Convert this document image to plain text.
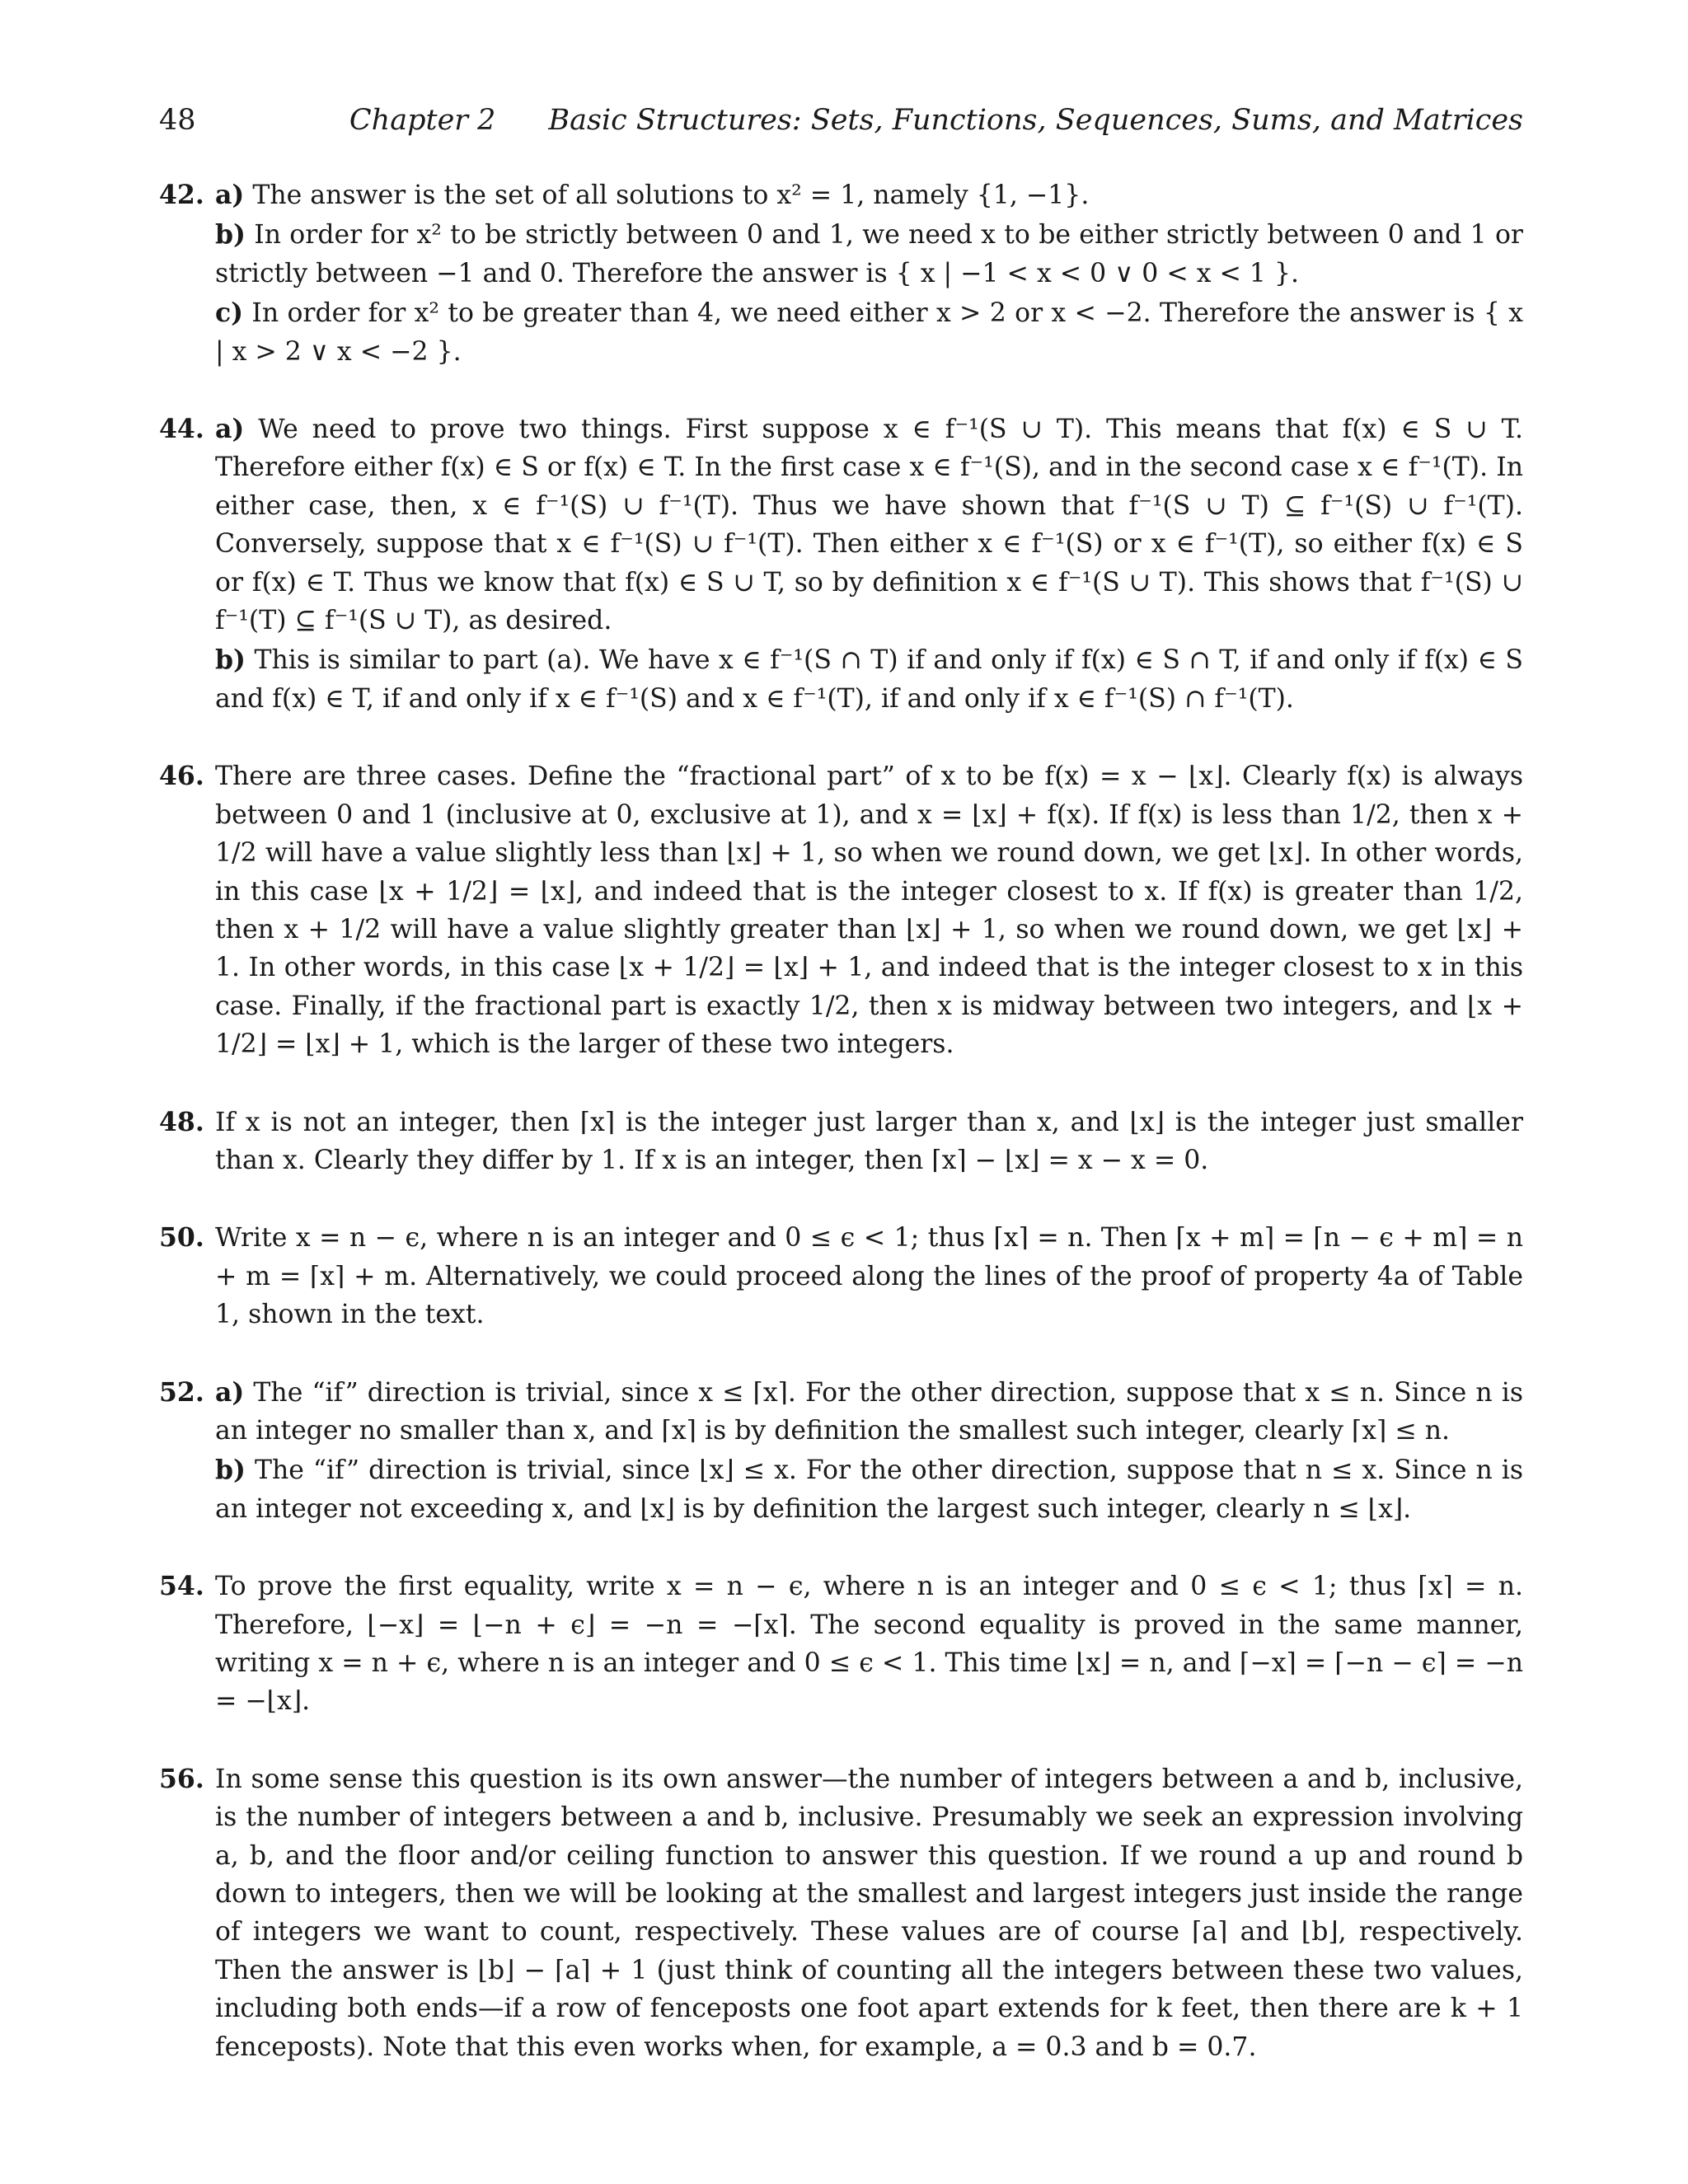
48	Chapter 2 Basic Structures: Sets, Functions, Sequences, Sums, and Matrices
42. a) The answer is the set of all solutions to x² = 1, namely {1, −1}.
b) In order for x² to be strictly between 0 and 1, we need x to be either strictly between 0 and 1 or strictly between −1 and 0. Therefore the answer is { x | −1 < x < 0 ∨ 0 < x < 1 }.
c) In order for x² to be greater than 4, we need either x > 2 or x < −2. Therefore the answer is { x | x > 2 ∨ x < −2 }.
44. a) We need to prove two things. First suppose x ∈ f⁻¹(S ∪ T). This means that f(x) ∈ S ∪ T. Therefore either f(x) ∈ S or f(x) ∈ T. In the first case x ∈ f⁻¹(S), and in the second case x ∈ f⁻¹(T). In either case, then, x ∈ f⁻¹(S) ∪ f⁻¹(T). Thus we have shown that f⁻¹(S ∪ T) ⊆ f⁻¹(S) ∪ f⁻¹(T). Conversely, suppose that x ∈ f⁻¹(S) ∪ f⁻¹(T). Then either x ∈ f⁻¹(S) or x ∈ f⁻¹(T), so either f(x) ∈ S or f(x) ∈ T. Thus we know that f(x) ∈ S ∪ T, so by definition x ∈ f⁻¹(S ∪ T). This shows that f⁻¹(S) ∪ f⁻¹(T) ⊆ f⁻¹(S ∪ T), as desired.
b) This is similar to part (a). We have x ∈ f⁻¹(S ∩ T) if and only if f(x) ∈ S ∩ T, if and only if f(x) ∈ S and f(x) ∈ T, if and only if x ∈ f⁻¹(S) and x ∈ f⁻¹(T), if and only if x ∈ f⁻¹(S) ∩ f⁻¹(T).
46. There are three cases. Define the “fractional part” of x to be f(x) = x − ⌊x⌋. Clearly f(x) is always between 0 and 1 (inclusive at 0, exclusive at 1), and x = ⌊x⌋ + f(x). If f(x) is less than 1/2, then x + 1/2 will have a value slightly less than ⌊x⌋ + 1, so when we round down, we get ⌊x⌋. In other words, in this case ⌊x + 1/2⌋ = ⌊x⌋, and indeed that is the integer closest to x. If f(x) is greater than 1/2, then x + 1/2 will have a value slightly greater than ⌊x⌋ + 1, so when we round down, we get ⌊x⌋ + 1. In other words, in this case ⌊x + 1/2⌋ = ⌊x⌋ + 1, and indeed that is the integer closest to x in this case. Finally, if the fractional part is exactly 1/2, then x is midway between two integers, and ⌊x + 1/2⌋ = ⌊x⌋ + 1, which is the larger of these two integers.
48. If x is not an integer, then ⌈x⌉ is the integer just larger than x, and ⌊x⌋ is the integer just smaller than x. Clearly they differ by 1. If x is an integer, then ⌈x⌉ − ⌊x⌋ = x − x = 0.
50. Write x = n − ϵ, where n is an integer and 0 ≤ ϵ < 1; thus ⌈x⌉ = n. Then ⌈x + m⌉ = ⌈n − ϵ + m⌉ = n + m = ⌈x⌉ + m. Alternatively, we could proceed along the lines of the proof of property 4a of Table 1, shown in the text.
52. a) The “if” direction is trivial, since x ≤ ⌈x⌉. For the other direction, suppose that x ≤ n. Since n is an integer no smaller than x, and ⌈x⌉ is by definition the smallest such integer, clearly ⌈x⌉ ≤ n.
b) The “if” direction is trivial, since ⌊x⌋ ≤ x. For the other direction, suppose that n ≤ x. Since n is an integer not exceeding x, and ⌊x⌋ is by definition the largest such integer, clearly n ≤ ⌊x⌋.
54. To prove the first equality, write x = n − ϵ, where n is an integer and 0 ≤ ϵ < 1; thus ⌈x⌉ = n. Therefore, ⌊−x⌋ = ⌊−n + ϵ⌋ = −n = −⌈x⌉. The second equality is proved in the same manner, writing x = n + ϵ, where n is an integer and 0 ≤ ϵ < 1. This time ⌊x⌋ = n, and ⌈−x⌉ = ⌈−n − ϵ⌉ = −n = −⌊x⌋.
56. In some sense this question is its own answer—the number of integers between a and b, inclusive, is the number of integers between a and b, inclusive. Presumably we seek an expression involving a, b, and the floor and/or ceiling function to answer this question. If we round a up and round b down to integers, then we will be looking at the smallest and largest integers just inside the range of integers we want to count, respectively. These values are of course ⌈a⌉ and ⌊b⌋, respectively. Then the answer is ⌊b⌋ − ⌈a⌉ + 1 (just think of counting all the integers between these two values, including both ends—if a row of fenceposts one foot apart extends for k feet, then there are k + 1 fenceposts). Note that this even works when, for example, a = 0.3 and b = 0.7.
